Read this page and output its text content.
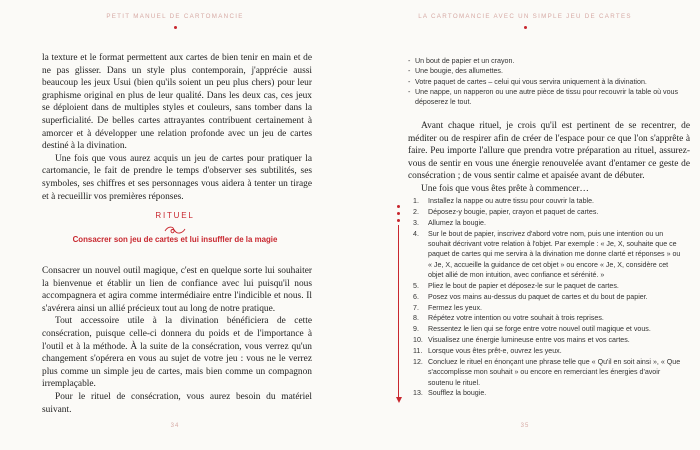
PETIT MANUEL DE CARTOMANCIE

la texture et le format permettent aux cartes de bien tenir en main et de ne pas glisser. Dans un style plus contemporain, j'apprécie aussi beaucoup les jeux Usui (bien qu'ils soient un peu plus chers) pour leur graphisme original en plus de leur qualité. Dans les deux cas, ces jeux se déploient dans de multiples styles et couleurs, sans tomber dans la superficialité. De belles cartes attrayantes contribuent certainement à amorcer et à développer une relation profonde avec un jeu de cartes destiné à la divination.

Une fois que vous aurez acquis un jeu de cartes pour pratiquer la cartomancie, le fait de prendre le temps d'observer ses subtilités, ses symboles, ses chiffres et ses personnages vous aidera à tenter un tirage et à recueillir vos premières réponses.

RITUEL
Consacrer son jeu de cartes et lui insuffler de la magie

Consacrer un nouvel outil magique, c'est en quelque sorte lui souhaiter la bienvenue et établir un lien de confiance avec lui puisqu'il nous accompagnera et agira comme intermédiaire entre l'indicible et nous. Il s'avérera ainsi un allié précieux tout au long de notre pratique.

Tout accessoire utile à la divination bénéficiera de cette consécration, puisque celle-ci donnera du poids et de l'importance à l'outil et à la méthode. À la suite de la consécration, vous verrez qu'un changement s'opérera en vous au sujet de votre jeu : vous ne le verrez plus comme un simple jeu de cartes, mais bien comme un compagnon irremplaçable.

Pour le rituel de consécration, vous aurez besoin du matériel suivant.

34
LA CARTOMANCIE AVEC UN SIMPLE JEU DE CARTES
35
- Un bout de papier et un crayon.
- Une bougie, des allumettes.
- Votre paquet de cartes – celui qui vous servira uniquement à la divination.
- Une nappe, un napperon ou une autre pièce de tissu pour recouvrir la table où vous déposerez le tout.

Avant chaque rituel, je crois qu'il est pertinent de se recentrer, de méditer ou de respirer afin de créer de l'espace pour ce que l'on s'apprête à faire. Peu importe l'allure que prendra votre préparation au rituel, assurez-vous de sentir en vous une énergie renouvelée avant d'entamer ce geste de consécration ; de vous sentir calme et apaisée avant de débuter.

Une fois que vous êtes prête à commencer…

1. Installez la nappe ou autre tissu pour couvrir la table.
2. Déposez-y bougie, papier, crayon et paquet de cartes.
3. Allumez la bougie.
4. Sur le bout de papier, inscrivez d'abord votre nom, puis une intention ou un souhait décrivant votre relation à l'objet. Par exemple : « Je, X, souhaite que ce paquet de cartes qui me servira à la divination me donne clarté et réponses » ou « Je, X, accueille la guidance de cet objet » ou encore « Je, X, considère cet objet allié de mon intuition, avec confiance et sérénité. »
5. Pliez le bout de papier et déposez-le sur le paquet de cartes.
6. Posez vos mains au-dessus du paquet de cartes et du bout de papier.
7. Fermez les yeux.
8. Répétez votre intention ou votre souhait à trois reprises.
9. Ressentez le lien qui se forge entre votre nouvel outil magique et vous.
10. Visualisez une énergie lumineuse entre vos mains et vos cartes.
11. Lorsque vous êtes prêt-e, ouvrez les yeux.
12. Concluez le rituel en énonçant une phrase telle que « Qu'il en soit ainsi », « Que s'accomplisse mon souhait » ou encore en remerciant les énergies d'avoir soutenu le rituel.
13. Soufflez la bougie.
